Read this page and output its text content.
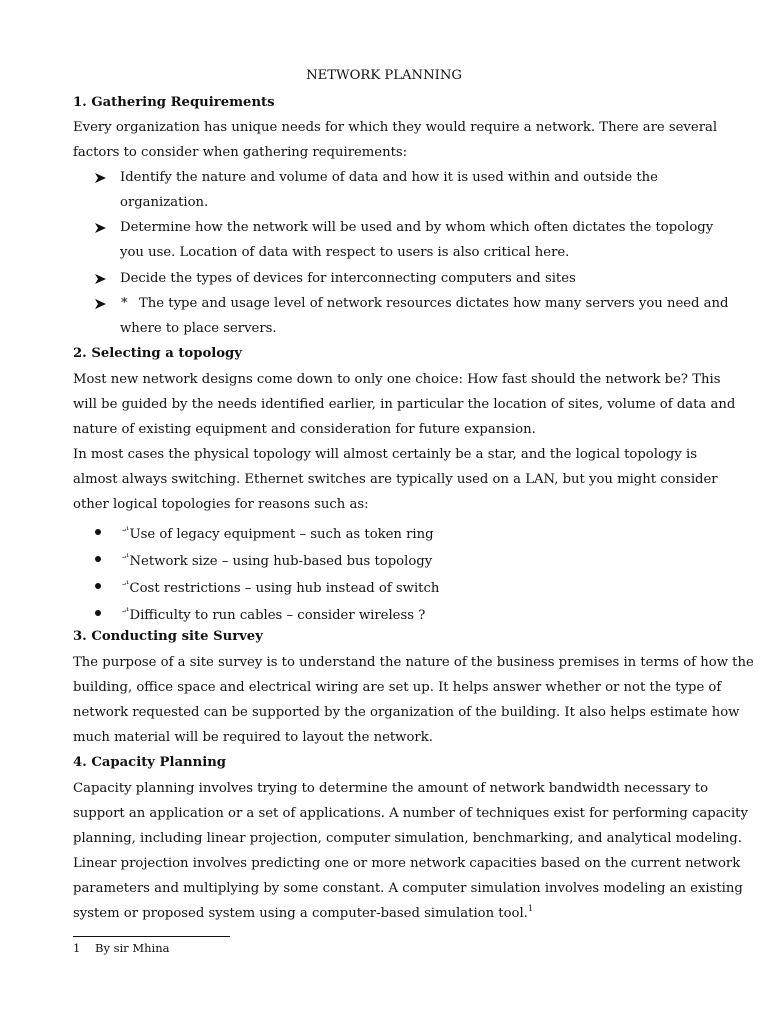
NETWORK PLANNING
1. Gathering Requirements
Every organization has unique needs for which they would require a network. There are several
factors to consider when gathering requirements:
Identify the nature and volume of data and how it is used within and outside the
organization.
Determine how the network will be used and by whom which often dictates the topology
you use. Location of data with respect to users is also critical here.
Decide the types of devices for interconnecting computers and sites
* The type and usage level of network resources dictates how many servers you need and
where to place servers.
2. Selecting a topology
Most new network designs come down to only one choice: How fast should the network be? This
will be guided by the needs identified earlier, in particular the location of sites, volume of data and
nature of existing equipment and consideration for future expansion.
In most cases the physical topology will almost certainly be a star, and the logical topology is
almost always switching. Ethernet switches are typically used on a LAN, but you might consider
other logical topologies for reasons such as:
$^{-\cdot^1}$Use of legacy equipment – such as token ring
$^{-\cdot^1}$Network size – using hub-based bus topology
$^{-\cdot^1}$Cost restrictions – using hub instead of switch
$^{-\cdot^1}$Difficulty to run cables – consider wireless ?
3. Conducting site Survey
The purpose of a site survey is to understand the nature of the business premises in terms of how the
building, office space and electrical wiring are set up. It helps answer whether or not the type of
network requested can be supported by the organization of the building. It also helps estimate how
much material will be required to layout the network.
4. Capacity Planning
Capacity planning involves trying to determine the amount of network bandwidth necessary to
support an application or a set of applications. A number of techniques exist for performing capacity
planning, including linear projection, computer simulation, benchmarking, and analytical modeling.
Linear projection involves predicting one or more network capacities based on the current network
parameters and multiplying by some constant. A computer simulation involves modeling an existing
system or proposed system using a computer-based simulation tool.$^1$
1 By sir Mhina
